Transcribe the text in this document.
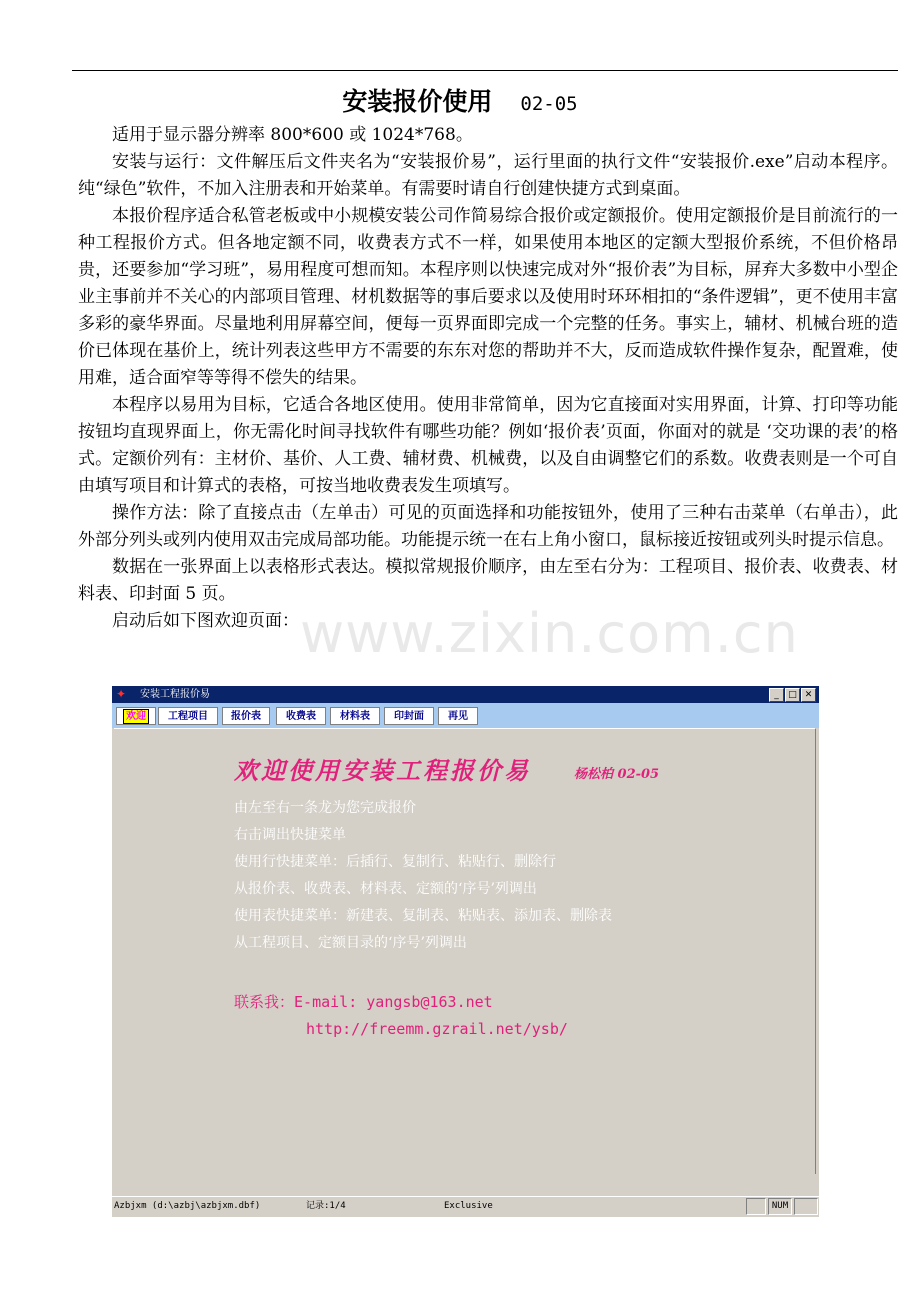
安装报价使用 02-05

适用于显示器分辨率 800*600 或 1024*768。

安装与运行：文件解压后文件夹名为“安装报价易”，运行里面的执行文件“安装报价.exe”启动本程序。纯“绿色”软件，不加入注册表和开始菜单。有需要时请自行创建快捷方式到桌面。

本报价程序适合私管老板或中小规模安装公司作简易综合报价或定额报价。使用定额报价是目前流行的一种工程报价方式。但各地定额不同，收费表方式不一样，如果使用本地区的定额大型报价系统，不但价格昂贵，还要参加“学习班”，易用程度可想而知。本程序则以快速完成对外“报价表”为目标，屏弃大多数中小型企业主事前并不关心的内部项目管理、材机数据等的事后要求以及使用时环环相扣的“条件逻辑”，更不使用丰富多彩的豪华界面。尽量地利用屏幕空间，便每一页界面即完成一个完整的任务。事实上，辅材、机械台班的造价已体现在基价上，统计列表这些甲方不需要的东东对您的帮助并不大，反而造成软件操作复杂，配置难，使用难，适合面窄等等得不偿失的结果。

本程序以易用为目标，它适合各地区使用。使用非常简单，因为它直接面对实用界面，计算、打印等功能按钮均直现界面上，你无需化时间寻找软件有哪些功能？例如‘报价表’页面，你面对的就是 ‘交功课的表’的格式。定额价列有：主材价、基价、人工费、辅材费、机械费，以及自由调整它们的系数。收费表则是一个可自由填写项目和计算式的表格，可按当地收费表发生项填写。

操作方法：除了直接点击（左单击）可见的页面选择和功能按钮外，使用了三种右击菜单（右单击），此外部分列头或列内使用双击完成局部功能。功能提示统一在右上角小窗口，鼠标接近按钮或列头时提示信息。

数据在一张界面上以表格形式表达。模拟常规报价顺序，由左至右分为：工程项目、报价表、收费表、材料表、印封面 5 页。

启动后如下图欢迎页面： www.zixin.com.cn
✦ 安装工程报价易	_	□ ✕
欢迎	工程项目	报价表	收费表	材料表	印封面	再见
欢迎使用安装工程报价易	杨松柏 02-05
由左至右一条龙为您完成报价
右击调出快捷菜单
使用行快捷菜单：后插行、复制行、粘贴行、删除行
从报价表、收费表、材料表、定额的‘序号’列调出
使用表快捷菜单：新建表、复制表、粘贴表、添加表、删除表
从工程项目、定额目录的‘序号’列调出
联系我：E-mail: yangsb@163.net
http://freemm.gzrail.net/ysb/
Azbjxm (d:\azbj\azbjxm.dbf)	记录:1/4	Exclusive	NUM
